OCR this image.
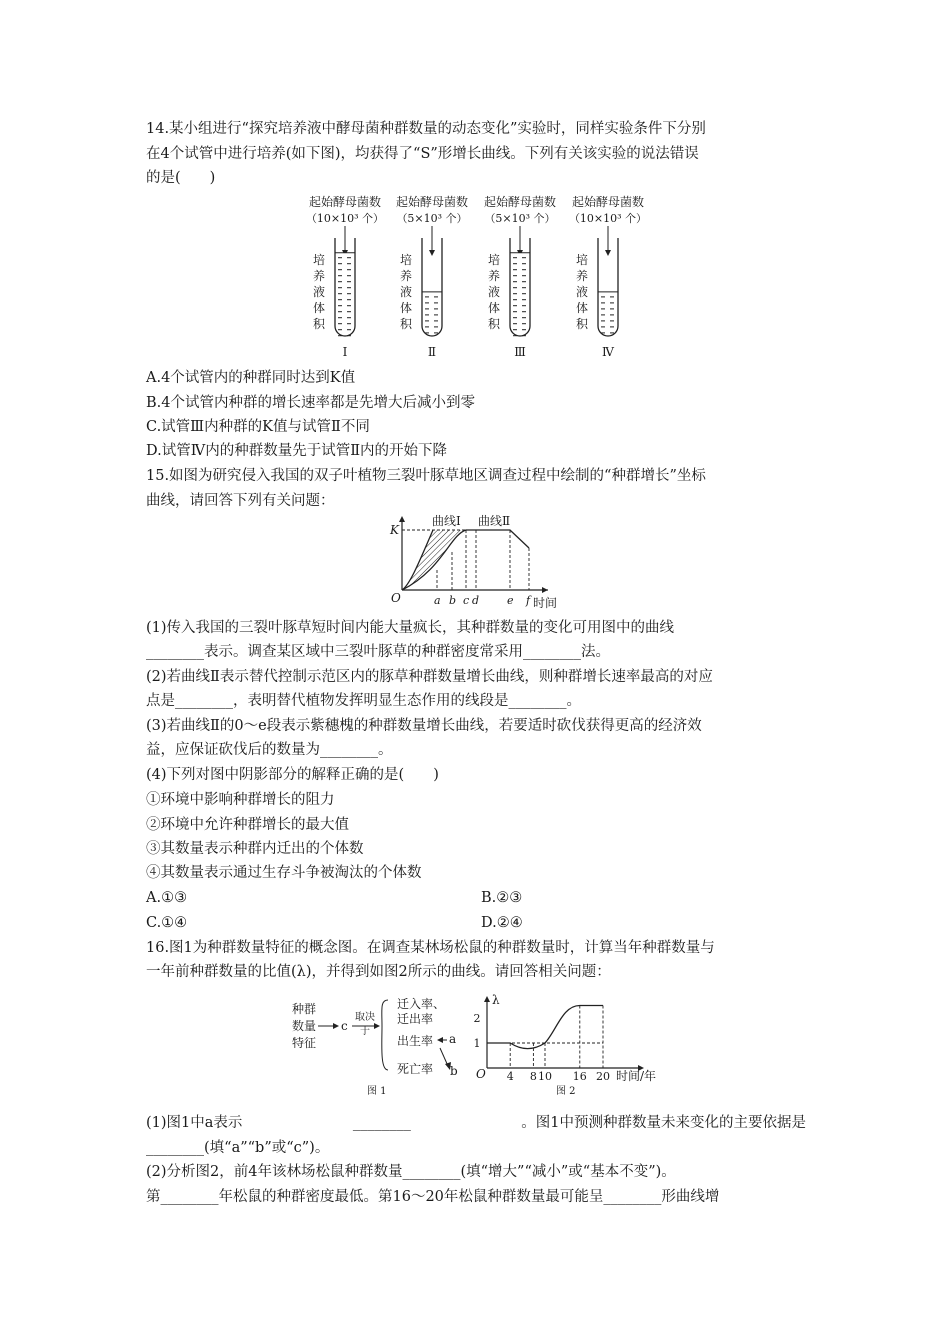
14.某小组进行“探究培养液中酵母菌种群数量的动态变化”实验时，同样实验条件下分别
在4个试管中进行培养(如下图)，均获得了“S”形增长曲线。下列有关该实验的说法错误
的是(　　)
起始酵母菌数
（10×10³ 个）
培
养
液
体
积
Ⅰ
起始酵母菌数
（5×10³ 个）
培
养
液
体
积
Ⅱ
起始酵母菌数
（5×10³ 个）
培
养
液
体
积
Ⅲ
起始酵母菌数
（10×10³ 个）
培
养
液
体
积
Ⅳ
A.4个试管内的种群同时达到K值
B.4个试管内种群的增长速率都是先增大后减小到零
C.试管Ⅲ内种群的K值与试管Ⅱ不同
D.试管Ⅳ内的种群数量先于试管Ⅱ内的开始下降
15.如图为研究侵入我国的双子叶植物三裂叶豚草地区调查过程中绘制的“种群增长”坐标
曲线，请回答下列有关问题：
K
O	时间
曲线Ⅰ 曲线Ⅱ
a b c d	e f
(1)传入我国的三裂叶豚草短时间内能大量疯长，其种群数量的变化可用图中的曲线
________表示。调查某区域中三裂叶豚草的种群密度常采用________法。
(2)若曲线Ⅱ表示替代控制示范区内的豚草种群数量增长曲线，则种群增长速率最高的对应
点是________，表明替代植物发挥明显生态作用的线段是________。
(3)若曲线Ⅱ的0～e段表示紫穗槐的种群数量增长曲线，若要适时砍伐获得更高的经济效
益，应保证砍伐后的数量为________。
(4)下列对图中阴影部分的解释正确的是(　　)
①环境中影响种群增长的阻力
②环境中允许种群增长的最大值
③其数量表示种群内迁出的个体数
④其数量表示通过生存斗争被淘汰的个体数
A.①③	B.②③
C.①④	D.②④
16.图1为种群数量特征的概念图。在调查某林场松鼠的种群数量时，计算当年种群数量与
一年前种群数量的比值(λ)，并得到如图2所示的曲线。请回答相关问题：
种群
数量
特征
c
取决
于
迁入率、
迁出率
出生率
死亡率
a
b
图 1
1
2
4 8 10 16 20
λ
O	时间/年
图 2
(1)图1中a表示	________	。图1中预测种群数量未来变化的主要依据是
________(填“a”“b”或“c”)。
(2)分析图2，前4年该林场松鼠种群数量________(填“增大”“减小”或“基本不变”)。
第________年松鼠的种群密度最低。第16～20年松鼠种群数量最可能呈________形曲线增
